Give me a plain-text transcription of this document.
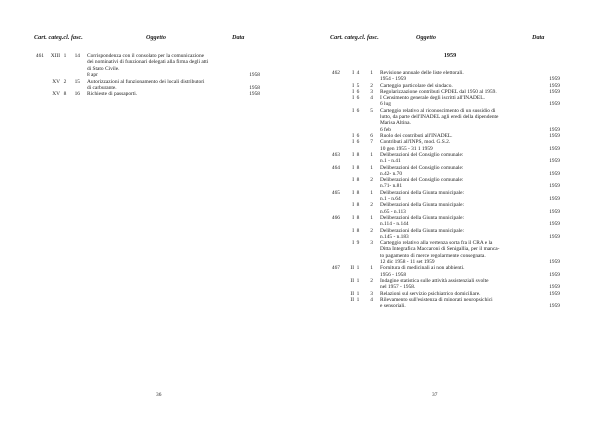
Cart. categ.cl. fasc.	Oggetto	Data
461 XIII 1	14 Corrispondenza con il consolato per la comunicazione
dei nominativi di funzionari delegati alla firma degli atti
di Stato Civile.
8 apr	1958
XV 2	15 Autorizzazioni al funzionamento dei locali distributori
di carburante.	1958
XV 8	16 Richieste di passaporti.	1958
36
Cart. categ.cl. fasc.	Oggetto	Data
1959
462	I 4	1 Revisione annuale delle liste elettorali.
1954 - 1959	1959
I 5	2 Carteggio particolare del sindaco.	1959
I 6	3 Regolarizzazione contributi CPDEL dal 1950 al 1959.	1959
I 6	4 I Censimento generale degli iscritti all'INADEL.
6 lug	1959
I 6	5 Carteggio relativo al riconoscimento di un sussidio di
lutto, da parte dell'INADEL agli eredi della dipendente
Marisa Altina.
6 feb	1959
I 6	6 Ruolo dei contributi all'INADEL.	1959
I 6	7 Contributi all'INPS, mod. G.S.2.
10 gen 1955 - 31 1 1959	1959
463	I 8	1 Deliberazioni del Consiglio comunale:
n.1 - n.41	1959
464	I 8	1 Deliberazioni del Consiglio comunale:
n.42- n.70	1959
I 8	2 Deliberazioni del Consiglio comunale:
n.71- n.81	1959
465	I 8	1 Deliberazioni della Giunta municipale:
n.1 - n.64	1959
I 8	2 Deliberazioni della Giunta municipale:
n.65 - n.113	1959
466	I 8	1 Deliberazioni della Giunta municipale:
n.114 - n.144	1959
I 8	2 Deliberazioni della Giunta municipale:
n.145 - n.183	1959
I 9	3 Carteggio relativo alla vertenza sorta fra il CRA e la
Ditta Integrafica Maccaroni di Senigallia, per il manca-
to pagamento di merce regolarmente consegnata.
12 dic 1958 - 11 set 1959	1959
467	II 1	1 Fornitura di medicinali ai non abbienti.
1956 - 1958	1959
II 1	2 Indagine statistica sulle attività assistenziali svolte
nel 1957 - 1958.	1959
II 1	3 Relazioni sul servizio psichiatrico domiciliare.	1959
II 1	4 Rilevamento sull'esistenza di minorati neuropsichici
e sensoriali.	1959
37
